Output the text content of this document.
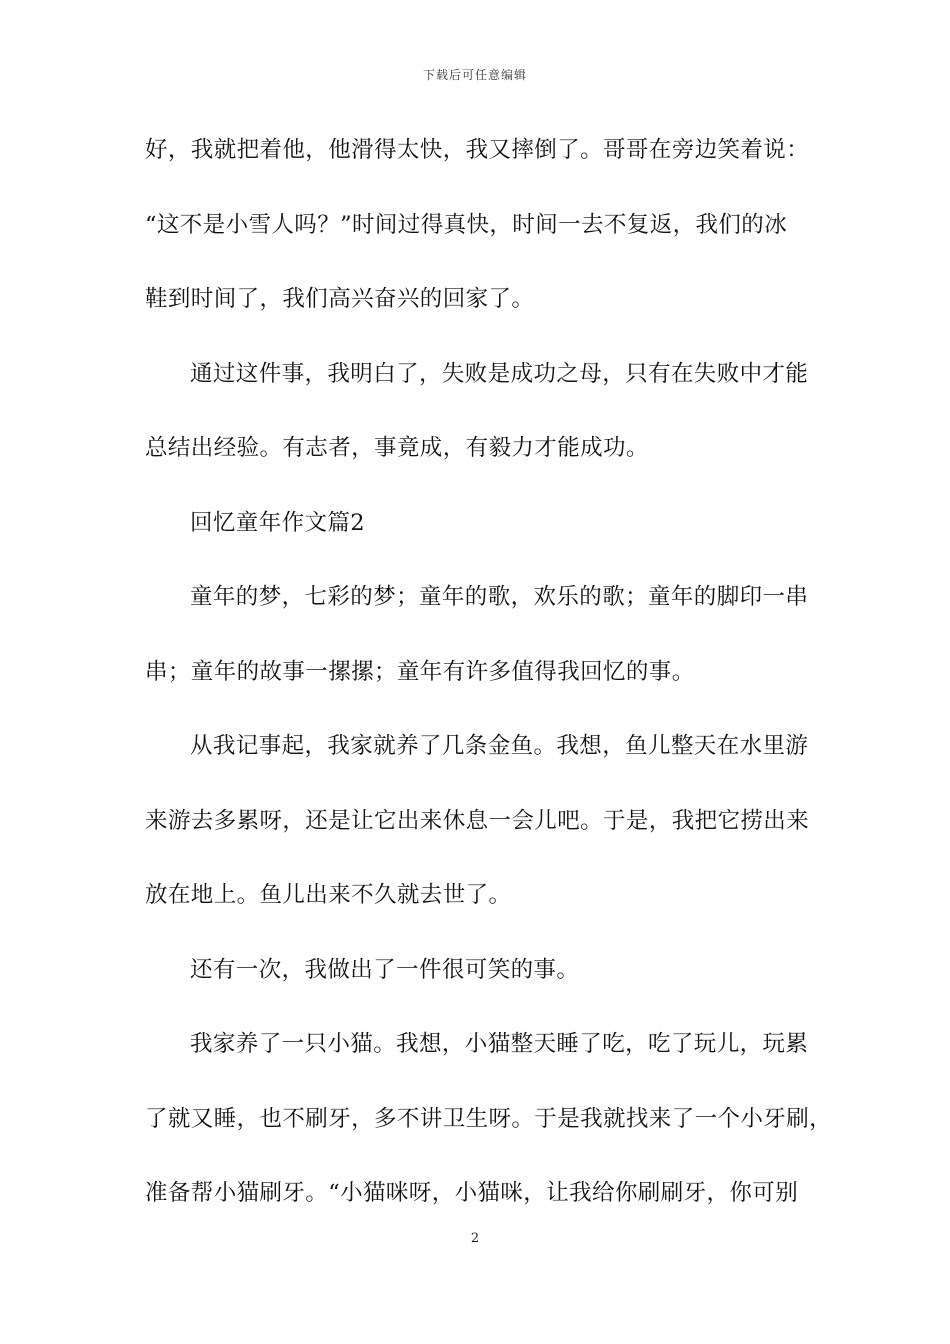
下载后可任意编辑
好，我就把着他，他滑得太快，我又摔倒了。哥哥在旁边笑着说：
“这不是小雪人吗？”时间过得真快，时间一去不复返，我们的冰
鞋到时间了，我们高兴奋兴的回家了。
通过这件事，我明白了，失败是成功之母，只有在失败中才能
总结出经验。有志者，事竟成，有毅力才能成功。
回忆童年作文篇2
童年的梦，七彩的梦；童年的歌，欢乐的歌；童年的脚印一串
串；童年的故事一摞摞；童年有许多值得我回忆的事。
从我记事起，我家就养了几条金鱼。我想，鱼儿整天在水里游
来游去多累呀，还是让它出来休息一会儿吧。于是，我把它捞出来
放在地上。鱼儿出来不久就去世了。
还有一次，我做出了一件很可笑的事。
我家养了一只小猫。我想，小猫整天睡了吃，吃了玩儿，玩累
了就又睡，也不刷牙，多不讲卫生呀。于是我就找来了一个小牙刷，
准备帮小猫刷牙。“小猫咪呀，小猫咪，让我给你刷刷牙，你可别
2
